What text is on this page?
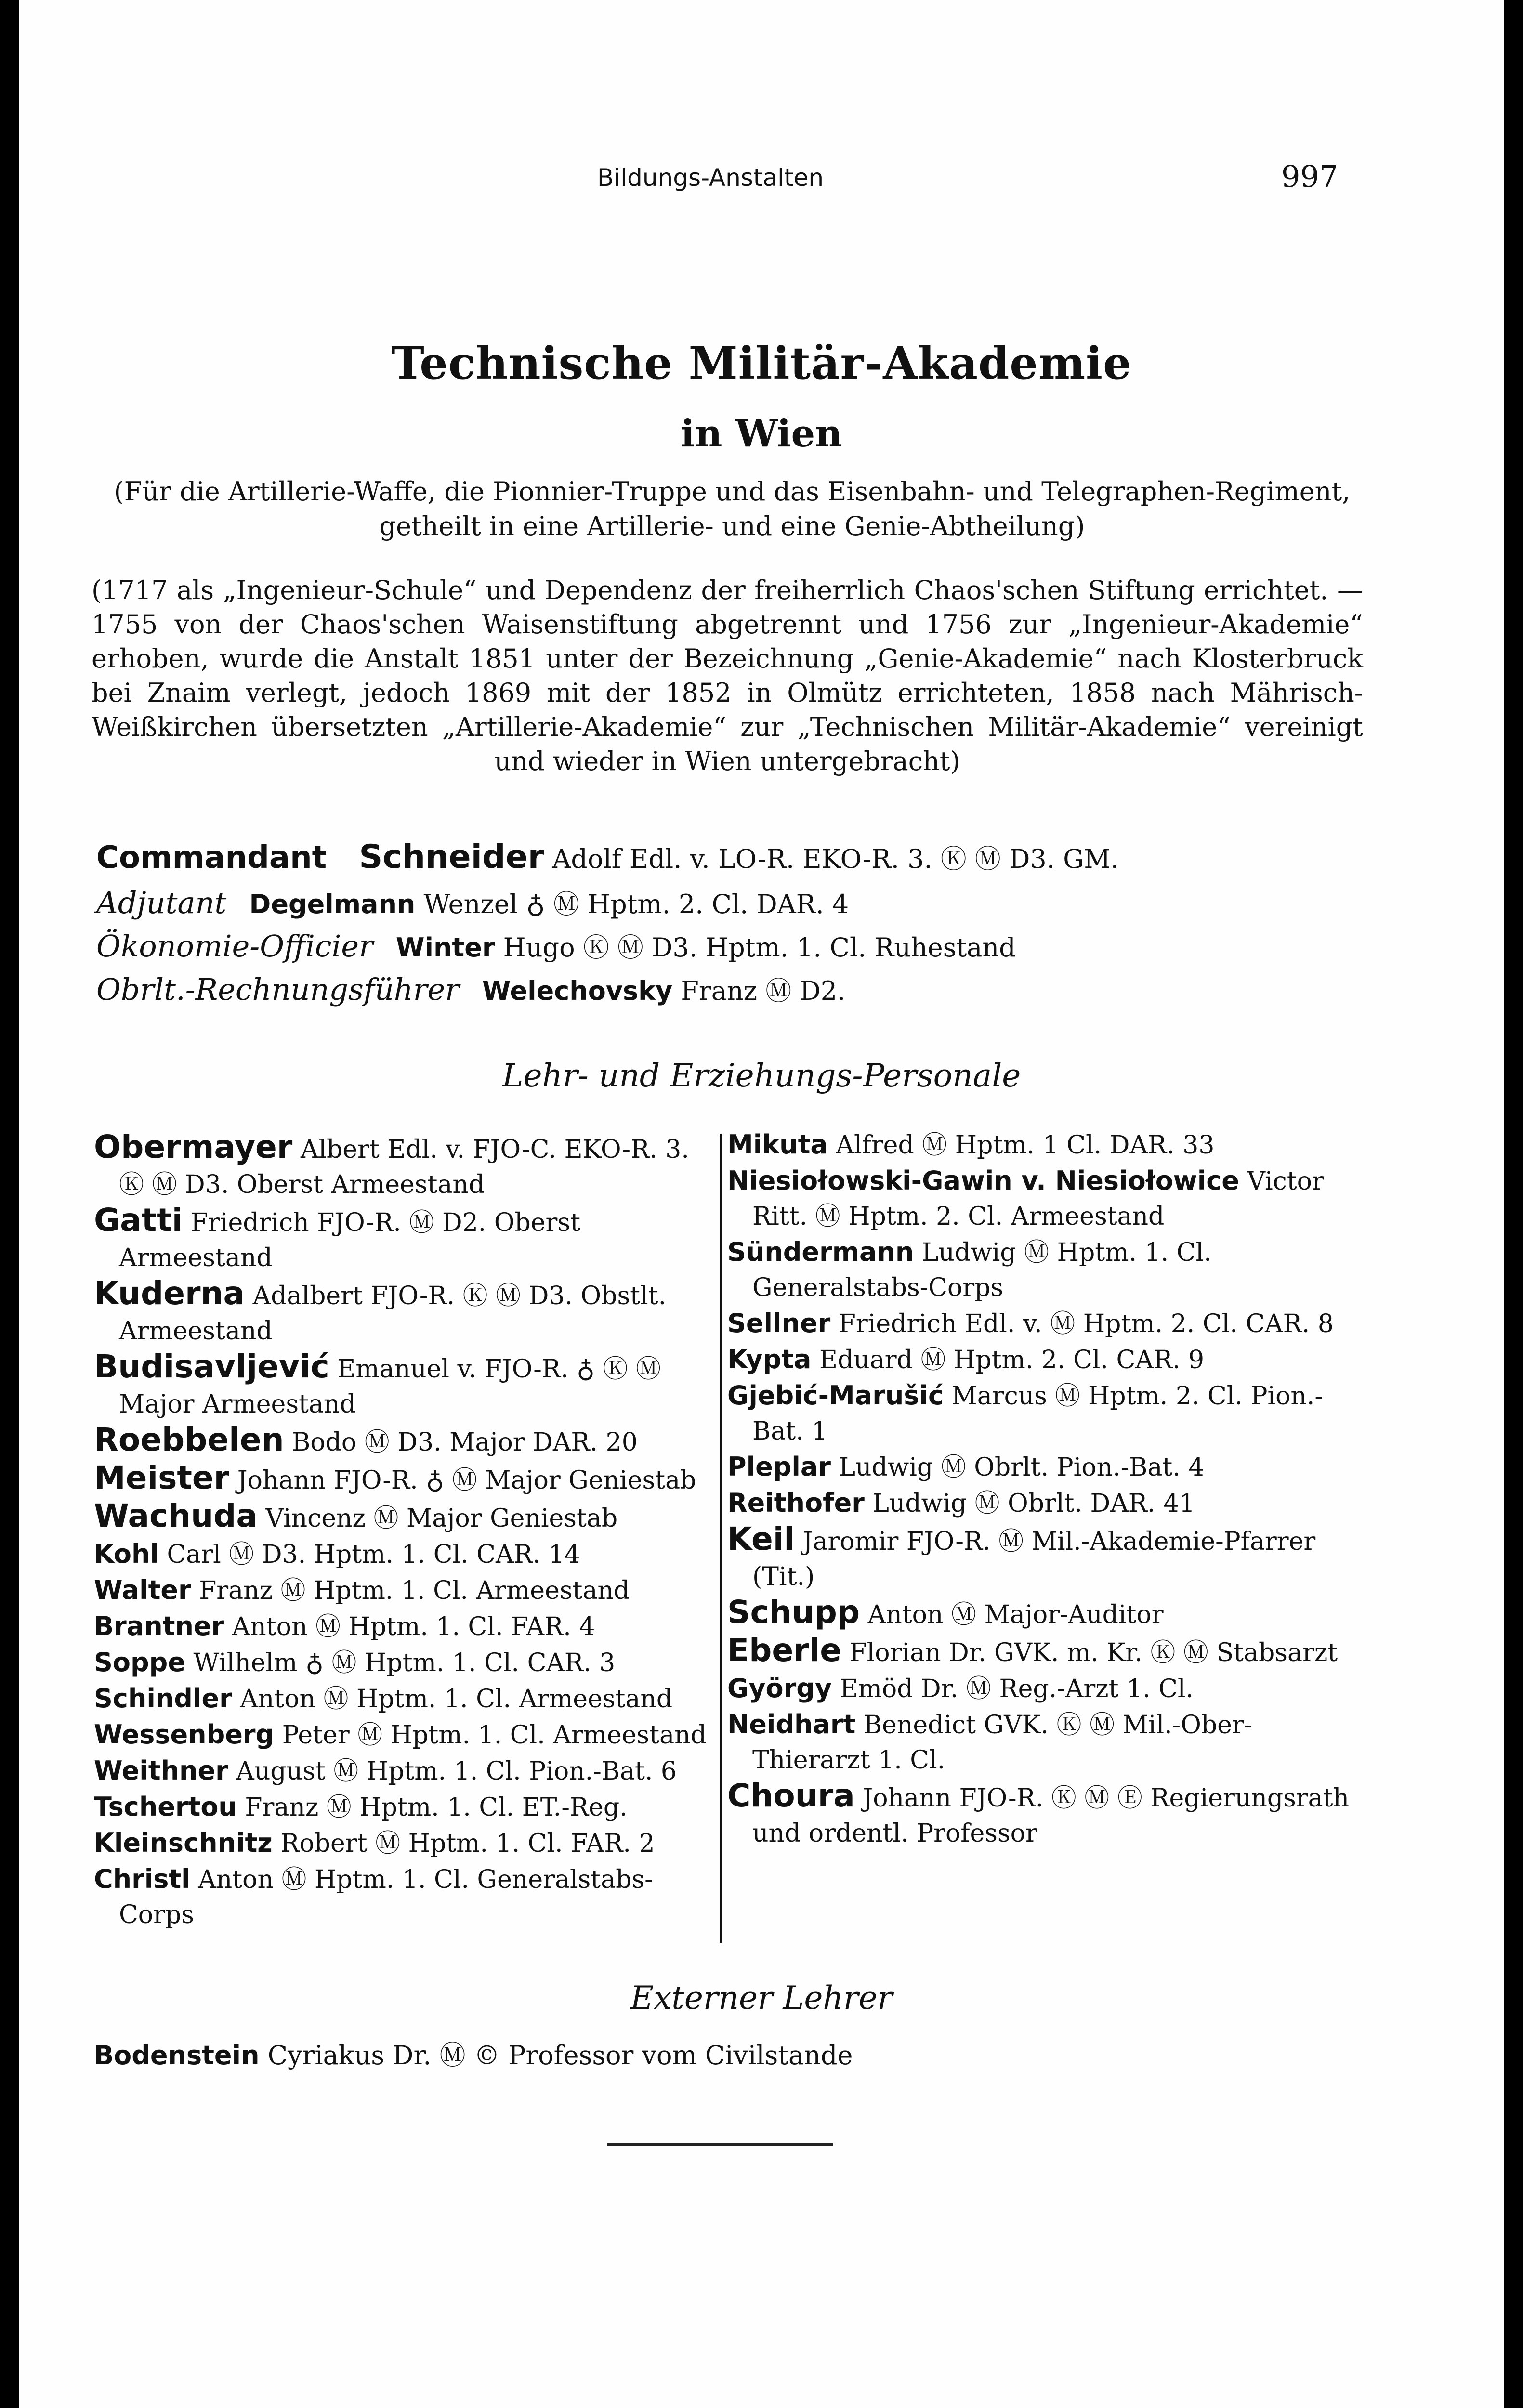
Bildungs-Anstalten	997
Technische Militär-Akademie
in Wien
(Für die Artillerie-Waffe, die Pionnier-Truppe und das Eisenbahn- und Telegraphen-Regiment, getheilt in eine Artillerie- und eine Genie-Abtheilung)
(1717 als „Ingenieur-Schule“ und Dependenz der freiherrlich Chaos'schen Stiftung errichtet. — 1755 von der Chaos'schen Waisenstiftung abgetrennt und 1756 zur „Ingenieur-Akademie“ erhoben, wurde die Anstalt 1851 unter der Bezeichnung „Genie-Akademie“ nach Klosterbruck bei Znaim verlegt, jedoch 1869 mit der 1852 in Olmütz errichteten, 1858 nach Mährisch-Weißkirchen übersetzten „Artillerie-Akademie“ zur „Technischen Militär-Akademie“ vereinigt und wieder in Wien untergebracht)
Commandant Schneider Adolf Edl. v. LO-R. EKO-R. 3. Ⓚ Ⓜ D3. GM.
Adjutant Degelmann Wenzel ♁ Ⓜ Hptm. 2. Cl. DAR. 4
Ökonomie-Officier Winter Hugo Ⓚ Ⓜ D3. Hptm. 1. Cl. Ruhestand
Obrlt.-Rechnungsführer Welechovsky Franz Ⓜ D2.
Lehr- und Erziehungs-Personale
Obermayer Albert Edl. v. FJO-C. EKO-R. 3. Ⓚ Ⓜ D3. Oberst Armeestand
Gatti Friedrich FJO-R. Ⓜ D2. Oberst Armeestand
Kuderna Adalbert FJO-R. Ⓚ Ⓜ D3. Obstlt. Armeestand
Budisavljević Emanuel v. FJO-R. ♁ Ⓚ Ⓜ Major Armeestand
Roebbelen Bodo Ⓜ D3. Major DAR. 20
Meister Johann FJO-R. ♁ Ⓜ Major Geniestab
Wachuda Vincenz Ⓜ Major Geniestab
Kohl Carl Ⓜ D3. Hptm. 1. Cl. CAR. 14
Walter Franz Ⓜ Hptm. 1. Cl. Armeestand
Brantner Anton Ⓜ Hptm. 1. Cl. FAR. 4
Soppe Wilhelm ♁ Ⓜ Hptm. 1. Cl. CAR. 3
Schindler Anton Ⓜ Hptm. 1. Cl. Armeestand
Wessenberg Peter Ⓜ Hptm. 1. Cl. Armeestand
Weithner August Ⓜ Hptm. 1. Cl. Pion.-Bat. 6
Tschertou Franz Ⓜ Hptm. 1. Cl. ET.-Reg.
Kleinschnitz Robert Ⓜ Hptm. 1. Cl. FAR. 2
Christl Anton Ⓜ Hptm. 1. Cl. Generalstabs-Corps
Mikuta Alfred Ⓜ Hptm. 1 Cl. DAR. 33
Niesiołowski-Gawin v. Niesiołowice Victor Ritt. Ⓜ Hptm. 2. Cl. Armeestand
Sündermann Ludwig Ⓜ Hptm. 1. Cl. Generalstabs-Corps
Sellner Friedrich Edl. v. Ⓜ Hptm. 2. Cl. CAR. 8
Kypta Eduard Ⓜ Hptm. 2. Cl. CAR. 9
Gjebić-Marušić Marcus Ⓜ Hptm. 2. Cl. Pion.-Bat. 1
Pleplar Ludwig Ⓜ Obrlt. Pion.-Bat. 4
Reithofer Ludwig Ⓜ Obrlt. DAR. 41
Keil Jaromir FJO-R. Ⓜ Mil.-Akademie-Pfarrer (Tit.)
Schupp Anton Ⓜ Major-Auditor
Eberle Florian Dr. GVK. m. Kr. Ⓚ Ⓜ Stabsarzt
György Emöd Dr. Ⓜ Reg.-Arzt 1. Cl.
Neidhart Benedict GVK. Ⓚ Ⓜ Mil.-Ober-Thierarzt 1. Cl.
Choura Johann FJO-R. Ⓚ Ⓜ Ⓔ Regierungsrath und ordentl. Professor
Externer Lehrer
Bodenstein Cyriakus Dr. Ⓜ © Professor vom Civilstande
